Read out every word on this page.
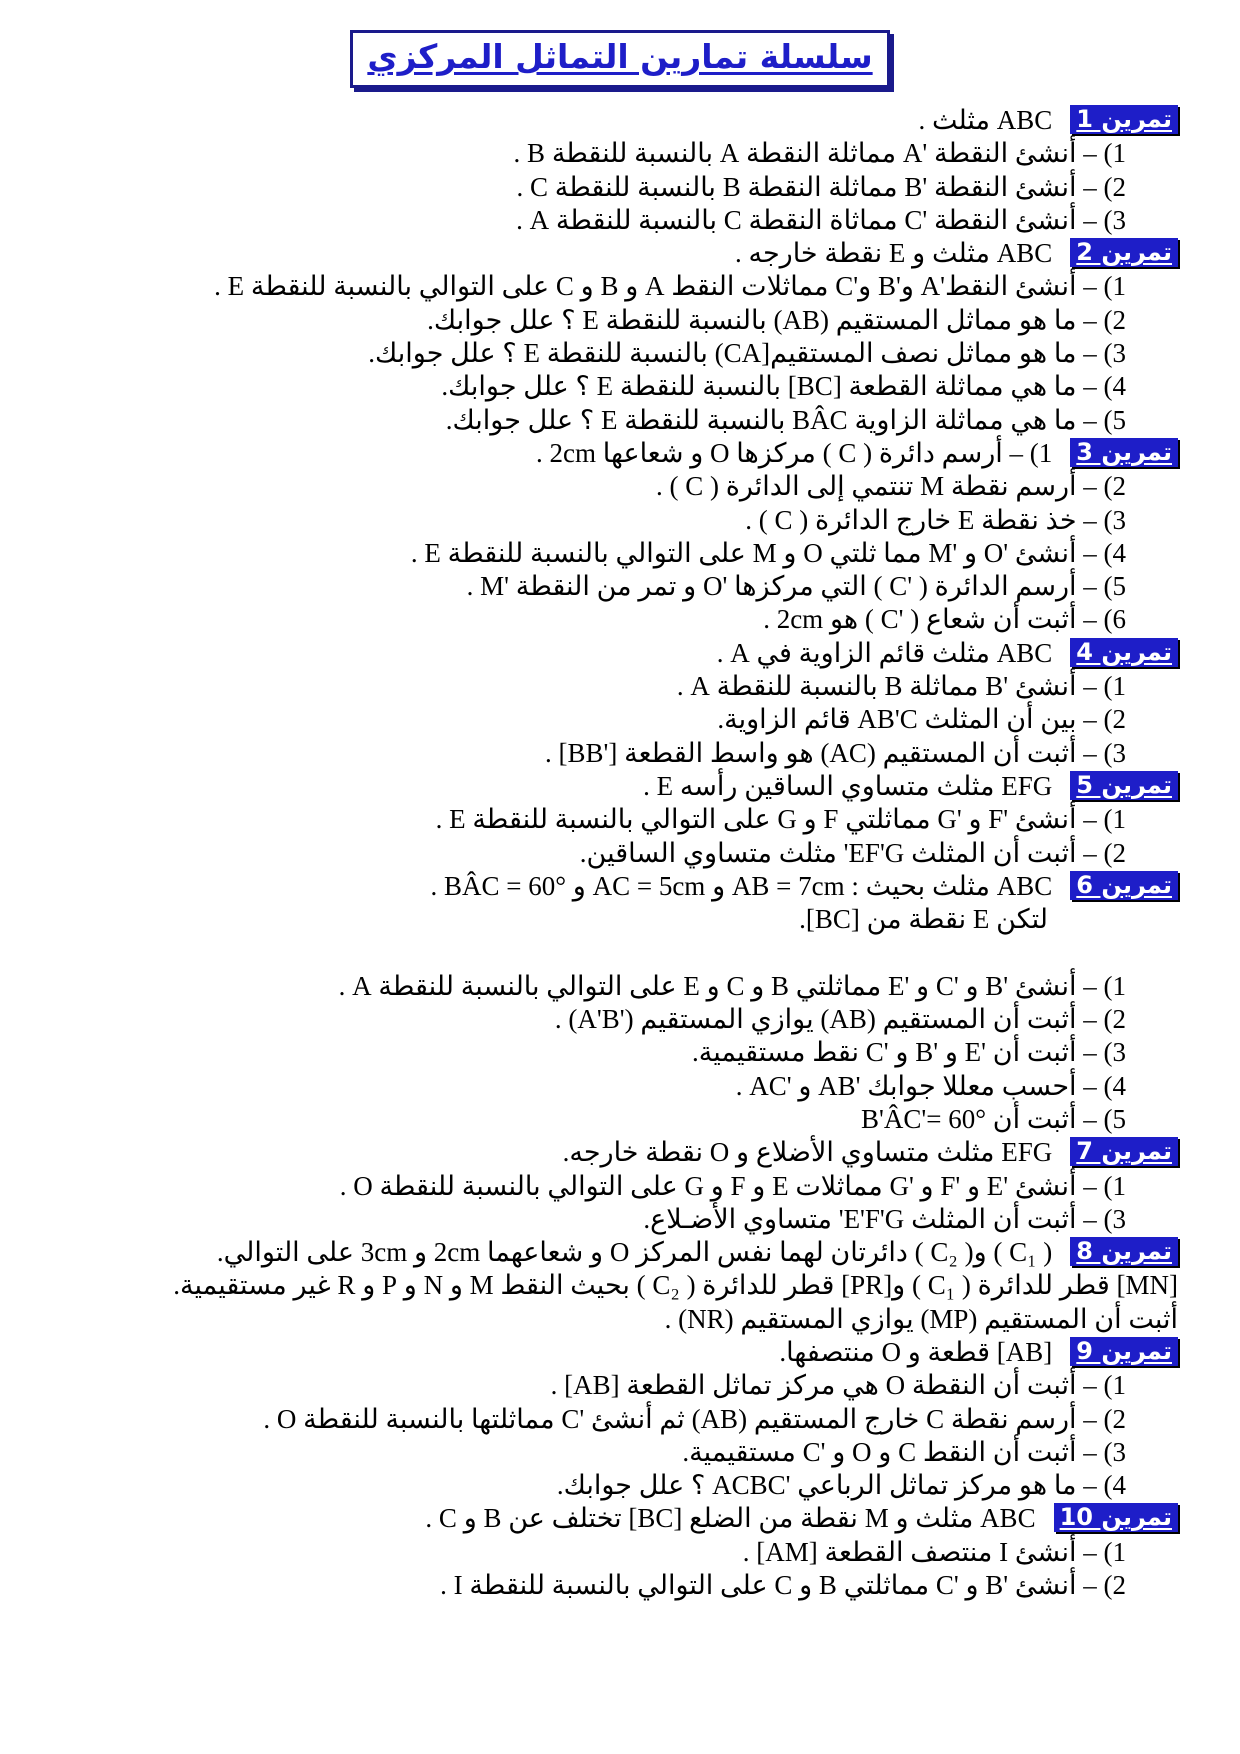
سلسلة تمارين التماثل المركزي
تمرين 1ABC مثلث .
1) – أنشئ النقطة 'A مماثلة النقطة A بالنسبة للنقطة B .
2) – أنشئ النقطة 'B مماثلة النقطة B بالنسبة للنقطة C .
3) – أنشئ النقطة 'C مماثاة النقطة C بالنسبة للنقطة A .
تمرين 2ABC مثلث و E نقطة خارجه .
1) – أنشئ النقط'A و'B و'C مماثلات النقط A و B و C على التوالي بالنسبة للنقطة E .
2) – ما هو مماثل المستقيم (AB) بالنسبة للنقطة E ؟ علل جوابك.
3) – ما هو مماثل نصف المستقيم[CA) بالنسبة للنقطة E ؟ علل جوابك.
4) – ما هي مماثلة القطعة [BC] بالنسبة للنقطة E ؟ علل جوابك.
5) – ما هي مماثلة الزاوية BÂC بالنسبة للنقطة E ؟ علل جوابك.
تمرين 31) – أرسم دائرة ( C ) مركزها O و شعاعها 2cm .
2) – أرسم نقطة M تنتمي إلى الدائرة ( C ) .
3) – خذ نقطة E خارج الدائرة ( C ) .
4) – أنشئ 'O و 'M مما ثلتي O و M على التوالي بالنسبة للنقطة E .
5) – أرسم الدائرة ( 'C ) التي مركزها 'O و تمر من النقطة 'M .
6) – أثبت أن شعاع ( 'C ) هو 2cm .
تمرين 4ABC مثلث قائم الزاوية في A .
1) – أنشئ 'B مماثلة B بالنسبة للنقطة A .
2) – بين أن المثلث AB'C قائم الزاوية.
3) – أثبت أن المستقيم (AC) هو واسط القطعة ['BB] .
تمرين 5EFG مثلث متساوي الساقين رأسه E .
1) – أنشئ 'F و 'G مماثلتي F و G على التوالي بالنسبة للنقطة E .
2) – أثبت أن المثلث EF'G' مثلث متساوي الساقين.
تمرين 6ABC مثلث بحيث : AB = 7cm و AC = 5cm و BÂC = 60° .
لتكن E نقطة من [BC].
1) – أنشئ 'B و 'C و 'E مماثلتي B و C و E على التوالي بالنسبة للنقطة A .
2) – أثبت أن المستقيم (AB) يوازي المستقيم ('A'B) .
3) – أثبت أن 'E و 'B و 'C نقط مستقيمية.
4) – أحسب معللا جوابك 'AB و 'AC .
5) – أثبت أن B'ÂC'= 60°
تمرين 7EFG مثلث متساوي الأضلاع و O نقطة خارجه.
1) – أنشئ 'E و 'F و 'G مماثلات E و F و G على التوالي بالنسبة للنقطة O .
3) – أثبت أن المثلث E'F'G' متساوي الأضـلاع.
تمرين 8( C₁ ) و( C₂ ) دائرتان لهما نفس المركز O و شعاعهما 2cm و 3cm على التوالي.
[MN] قطر للدائرة ( C₁ ) و[PR] قطر للدائرة ( C₂ ) بحيث النقط M و N و P و R غير مستقيمية.
أثبت أن المستقيم (MP) يوازي المستقيم (NR) .
تمرين 9[AB] قطعة و O منتصفها.
1) – أثبت أن النقطة O هي مركز تماثل القطعة [AB] .
2) – أرسم نقطة C خارج المستقيم (AB) ثم أنشئ 'C مماثلتها بالنسبة للنقطة O .
3) – أثبت أن النقط C و O و 'C مستقيمية.
4) – ما هو مركز تماثل الرباعي 'ACBC ؟ علل جوابك.
تمرين 10ABC مثلث و M نقطة من الضلع [BC] تختلف عن B و C .
1) – أنشئ I منتصف القطعة [AM] .
2) – أنشئ 'B و 'C مماثلتي B و C على التوالي بالنسبة للنقطة I .
